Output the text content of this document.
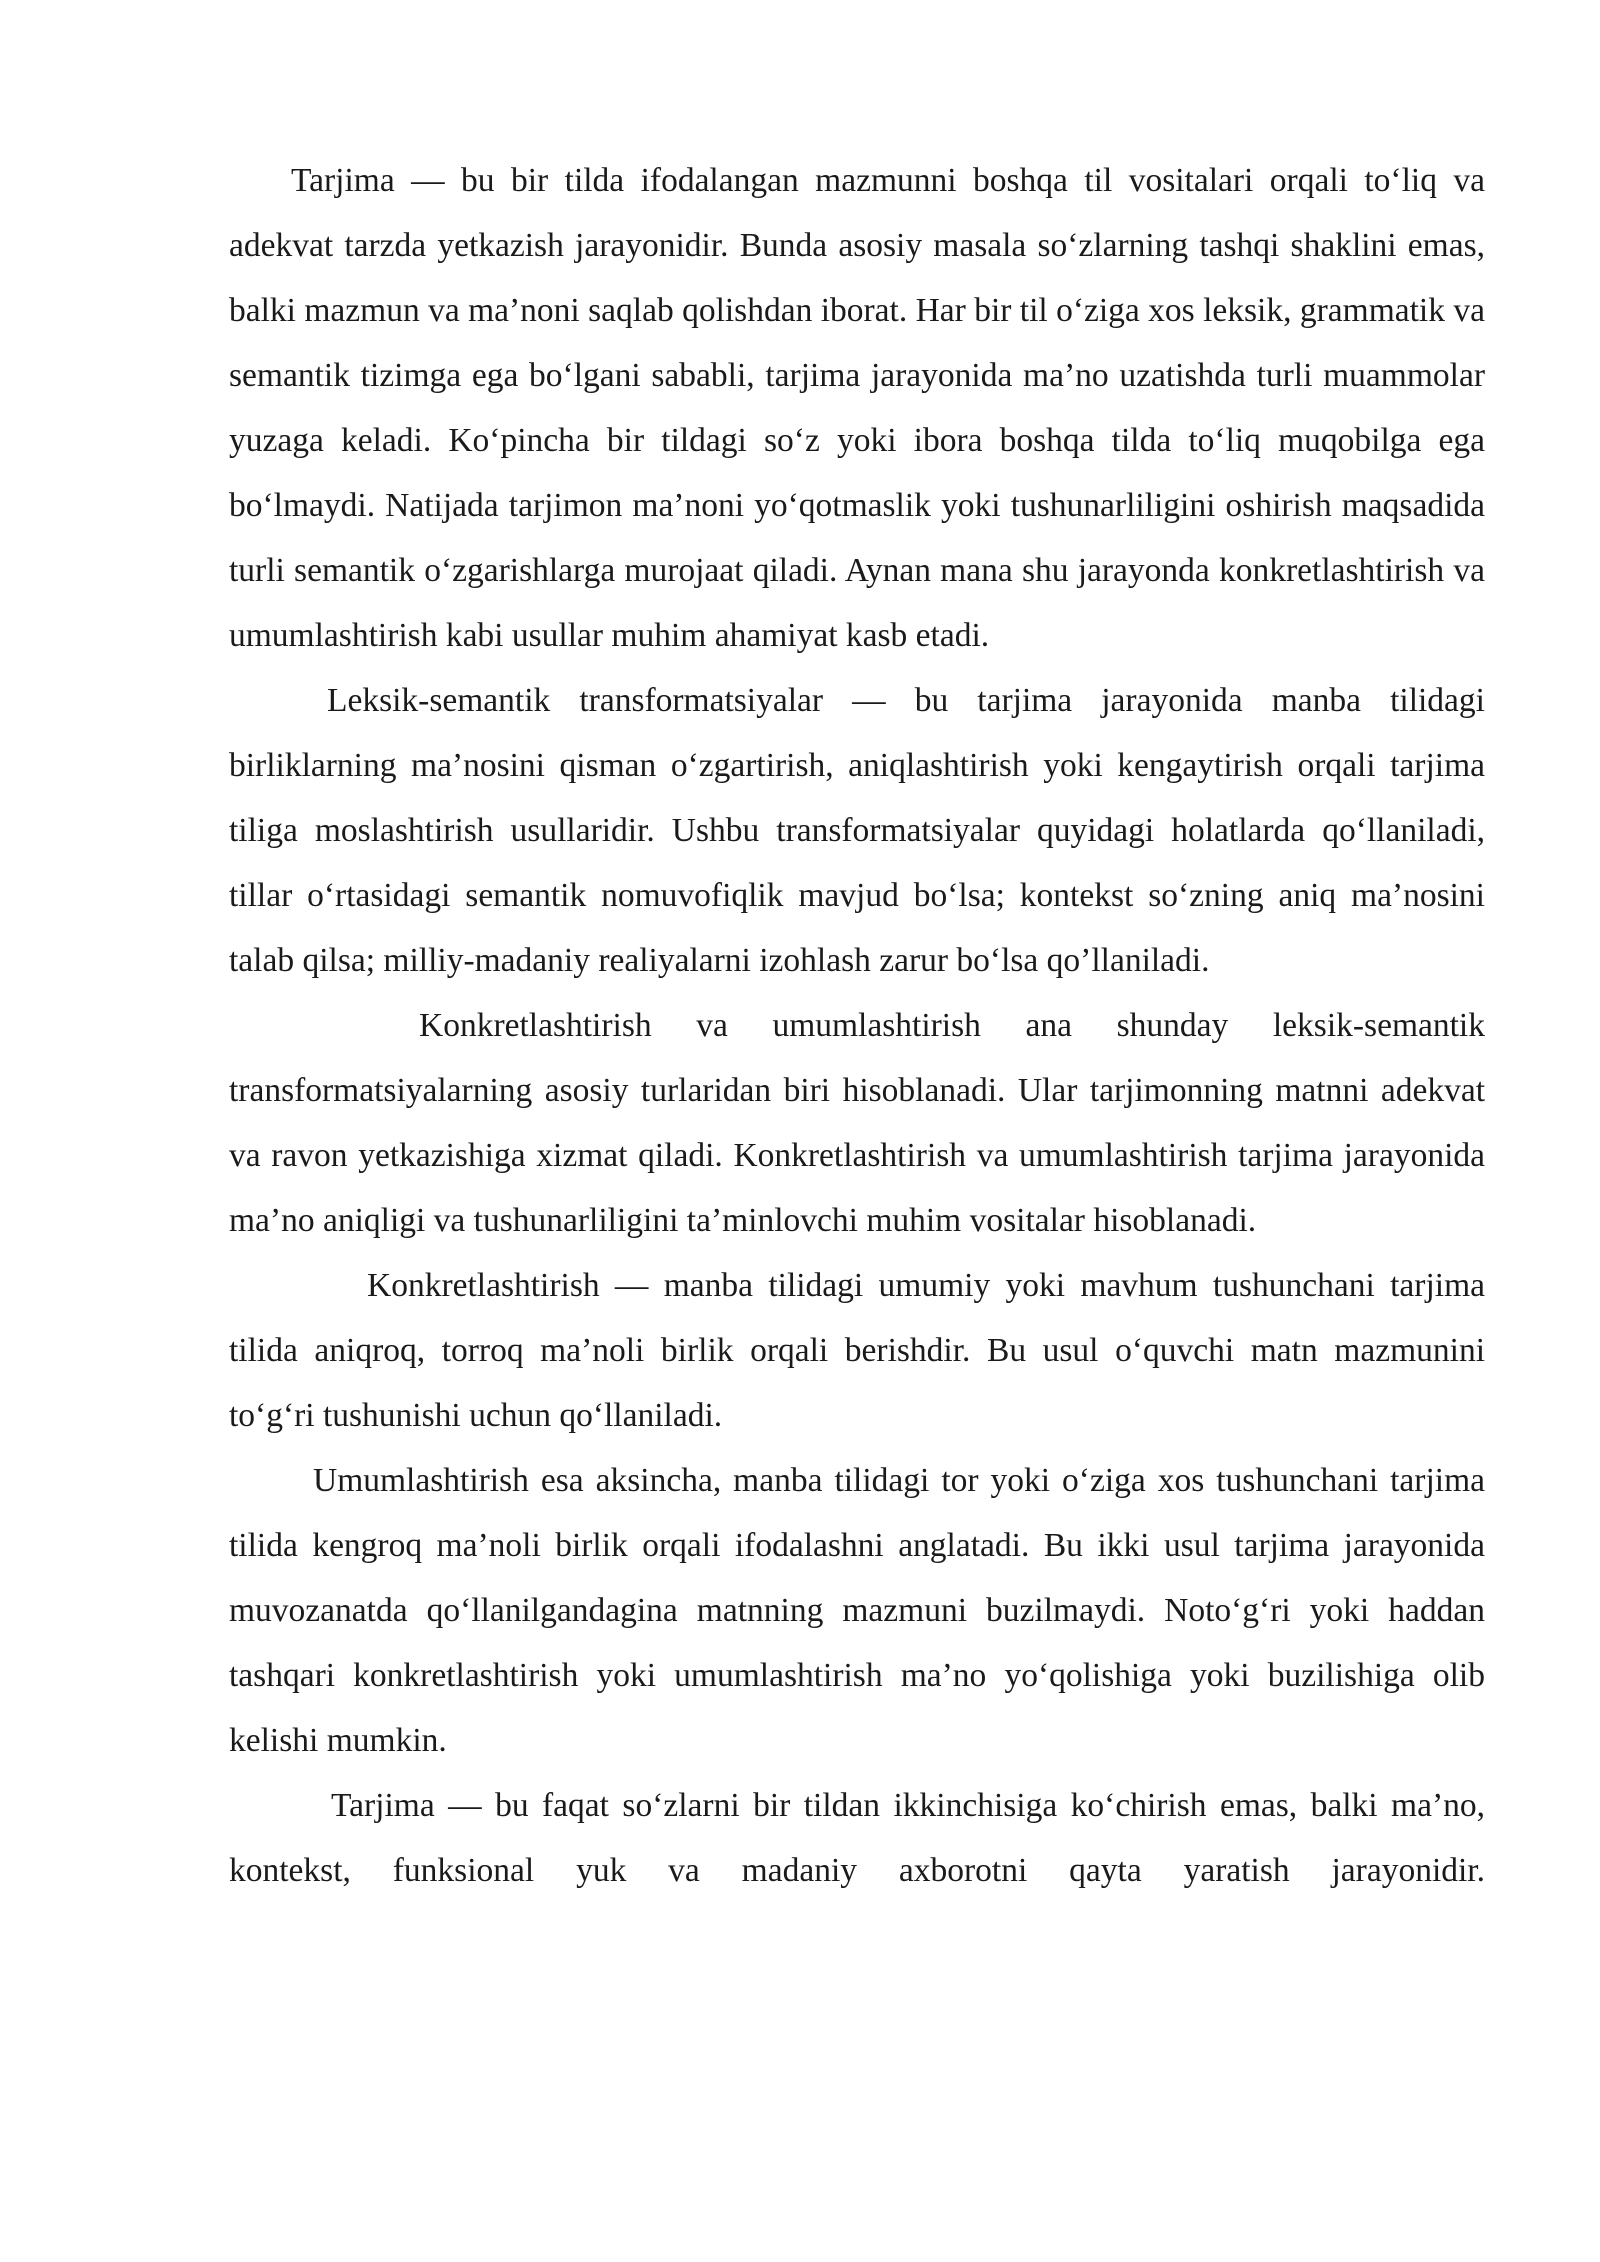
Tarjima — bu bir tilda ifodalangan mazmunni boshqa til vositalari orqali to‘liq va adekvat tarzda yetkazish jarayonidir. Bunda asosiy masala so‘zlarning tashqi shaklini emas, balki mazmun va ma’noni saqlab qolishdan iborat. Har bir til o‘ziga xos leksik, grammatik va semantik tizimga ega bo‘lgani sababli, tarjima jarayonida ma’no uzatishda turli muammolar yuzaga keladi. Ko‘pincha bir tildagi so‘z yoki ibora boshqa tilda to‘liq muqobilga ega bo‘lmaydi. Natijada tarjimon ma’noni yo‘qotmaslik yoki tushunarliligini oshirish maqsadida turli semantik o‘zgarishlarga murojaat qiladi. Aynan mana shu jarayonda konkretlashtirish va umumlashtirish kabi usullar muhim ahamiyat kasb etadi.

Leksik-semantik transformatsiyalar — bu tarjima jarayonida manba tilidagi birliklarning ma’nosini qisman o‘zgartirish, aniqlashtirish yoki kengaytirish orqali tarjima tiliga moslashtirish usullaridir. Ushbu transformatsiyalar quyidagi holatlarda qo‘llaniladi, tillar o‘rtasidagi semantik nomuvofiqlik mavjud bo‘lsa; kontekst so‘zning aniq ma’nosini talab qilsa; milliy-madaniy realiyalarni izohlash zarur bo‘lsa qo’llaniladi.

Konkretlashtirish va umumlashtirish ana shunday leksik-semantik transformatsiyalarning asosiy turlaridan biri hisoblanadi. Ular tarjimonning matnni adekvat va ravon yetkazishiga xizmat qiladi. Konkretlashtirish va umumlashtirish tarjima jarayonida ma’no aniqligi va tushunarliligini ta’minlovchi muhim vositalar hisoblanadi.

Konkretlashtirish — manba tilidagi umumiy yoki mavhum tushunchani tarjima tilida aniqroq, torroq ma’noli birlik orqali berishdir. Bu usul o‘quvchi matn mazmunini to‘g‘ri tushunishi uchun qo‘llaniladi.

Umumlashtirish esa aksincha, manba tilidagi tor yoki o‘ziga xos tushunchani tarjima tilida kengroq ma’noli birlik orqali ifodalashni anglatadi. Bu ikki usul tarjima jarayonida muvozanatda qo‘llanilgandagina matnning mazmuni buzilmaydi. Noto‘g‘ri yoki haddan tashqari konkretlashtirish yoki umumlashtirish ma’no yo‘qolishiga yoki buzilishiga olib kelishi mumkin.

Tarjima — bu faqat so‘zlarni bir tildan ikkinchisiga ko‘chirish emas, balki ma’no, kontekst, funksional yuk va madaniy axborotni qayta yaratish jarayonidir.
